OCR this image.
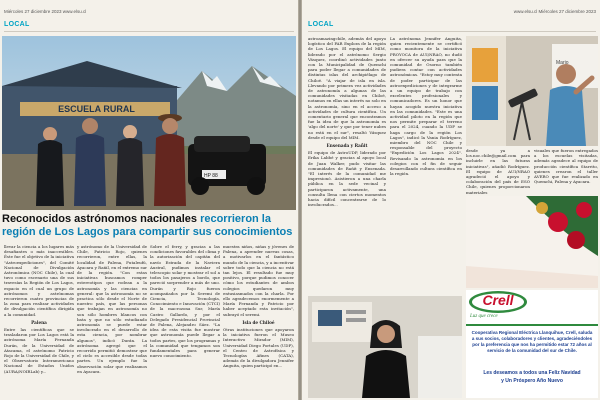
Miércoles 27 diciembre 2023 www.elsu.cl
LOCAL
HP 88
ESCUELA RURAL
Reconocidos astrónomos nacionales recorrieron la región de Los Lagos para compartir sus conocimientos
llevar la ciencia a los lugares más desafiantes o más inaccesibles. Éste fue el objetivo de la iniciativa "Astroexpediciones", del Comité Nacional de Divulgación Astronómica (NOC Chile), la cual tuvo como escenario una de sus travesías la Región de Los Lagos, espacio en el cual un grupo de astrónomos y astrónomas recorrieron cuatro provincias de la zona para realizar actividades de divulgación científica dirigida a la comunidad.
Palena
Entre las científicas que se trasladaron por Los Lagos está la astrónoma María Fernanda Durán, de la Universidad de Atacama, el astrónomo Patricio Rojo de la Universidad de Chile, y el Observatorio Interamericano Nacional de Estados Unidos (AURA/NOIRLab) y...
y astrónomo de la Universidad de Chile, Patricio Rojo, quienes recorrieron, entre ellas, la localidad de Palena, Futaleufú, Ayacara y Rañil, en el extremo sur de la región. "Con estas iniciativas buscamos romper estereotipos que rodean a la astronomía y las ciencias en general: que la astronomía no se practica sólo desde el Norte de nuestro país, que las personas que trabajan en astronomía no son sólo hombres blancos con bata y que no sólo estudiando astronomía se puede estar involucrado en el desarrollo de esta ciencia, por nombrar algunos", indicó Durán. La astrónoma agregó que el recorrido permitió demostrar que el cielo es accesible desde todas partes. Un ejemplo fue la observación solar que realizamos en Ayacara.
Sobre el ferry, y gracias a las condiciones favorables del clima y la autorización del capitán del navío Estrada de la Naviera Austral, pudimos instalar el telescopio solar y mostrar el sol a todos los pasajeros a bordo, que pareció sorprender a más de uno. Durán y Rojo fueron acompañados por la Seremi de Ciencia, Tecnología, Conocimiento e Innovación (CTCI) de la macrozona Sur, María Castro Gallardo, y por el Delegado Presidencial Provincial de Palena, Alejandro Sáez. "La idea de esta visita fue mostrar que astronomía puede llegar a todos partes, que los programas y la comunidad que tengamos son fundamentales para generar nuevo conocimiento.
muestra niños, niñas y jóvenes de Palena, a aprender nuevas cosas, a motivarlos en el fantástico mundo de la ciencia, y a incentivar sobre todo que la ciencia no está tan lejos. El resultado fue muy positivo, porque pudimos conocer cómo los estudiantes de ambos colegios quedaron muy entusiasmados con la charla. Por ello agradecemos enormemente a María Fernanda y Patricio por haber aceptado esta invitación", subrayó el seremi.
Isla de Chiloé
Otras instituciones que apoyaron la iniciativa fueron el Museo Interactivo Mirador (MIM), Universidad Diego Portales (UDP), el Centro de Astrofísica y Tecnologías Afines (CATA), además de la divulgadora Jennifer Anguita, quien participó en...
www.elsu.cl Miércoles 27 diciembre 2023
LOCAL
astroamazingchile, además del apoyo logístico del PAR Explora de la región de Los Lagos. El equipo del MIM, liderado por el astrónomo Sergio Vásquez, coordinó actividades junto con la Municipalidad de Quemchi para poder llegar a comunidades de distintas islas del archipiélago de Chiloé. "A viajar de isla en isla. Llevando por primera vez actividades de astronomía a algunas de las comunidades visitadas en Chiloé, notamos en ellas un interés no solo en la astronomía, sino en el acceso a actividades de cultura científica. Un comentario general que encontramos fue la idea de que la astronomía es 'algo del norte' y que por tener nubes no está en el sur", resaltó Vásquez desde el equipo del MIM.
Ensenada y Rañit
El equipo de AstroUDP, liderado por Erika Labbé y gracias al apoyo local de Juan Walker, pudo visitar las comunidades de Rañit y Ensenada. "El interés de la comunidad me impresionó. Asistieron a una charla pública en la sede vecinal y participaron activamente, una consulta llena con ciertos momentos hacia difícil concentrarse de lo involucrados...
La astrónoma Jennifer Anguita, quien recientemente se certificó como monitora de la iniciativa PROYOCA de AUI/NRAO, no dudó en ofrecer su ayuda para que la comunidad de Osorno también pudiera contar con actividades astronómicas. "Estoy muy contenta de poder participar de las astroexpediciones y de integrarme a un equipo de trabajo con excelentes profesionales y comunicadores. Es un honor que hayan acogido nuestra iniciativa en las comunidades. "Este es una actividad piloto en la región que nos permite preparar el terreno para el 2024, cuando la UDP se haga cargo de la región Los Lagos", indicó la Vania Rodríguez, miembro del NOC Chile y responsable del proyecto "Expedición Los Lagos 2024". Revisando la astronomía en los colegios con el fin de seguir desarrollando cultura científica en la región.
Mario
desde ya a los.noc.chile@gmail.com para incluirle en las futuras iniciativas", añadió Rodríguez. El equipo de AUI/NRAO agradeció el apoyo y colaboración del país de ESO Chile, quienes proporcionaron materiales
visuales que fueron entregados a los escuelas visitadas, además agradece al equipo de producción científica Starrito, quienes crearon el taller AVERO que fue realizado en Quemchi, Palena y Ayacara.
Crell
Luz que crece
Cooperativa Regional Eléctrica Llanquihue, Crell, saluda a sus socios, colaboradores y clientes, agradeciéndoles por la preferencia que nos ha permitido estar 72 años al servicio de la comunidad del sur de Chile.
Les deseamos a todos una Feliz Navidad
y Un Próspero Año Nuevo
